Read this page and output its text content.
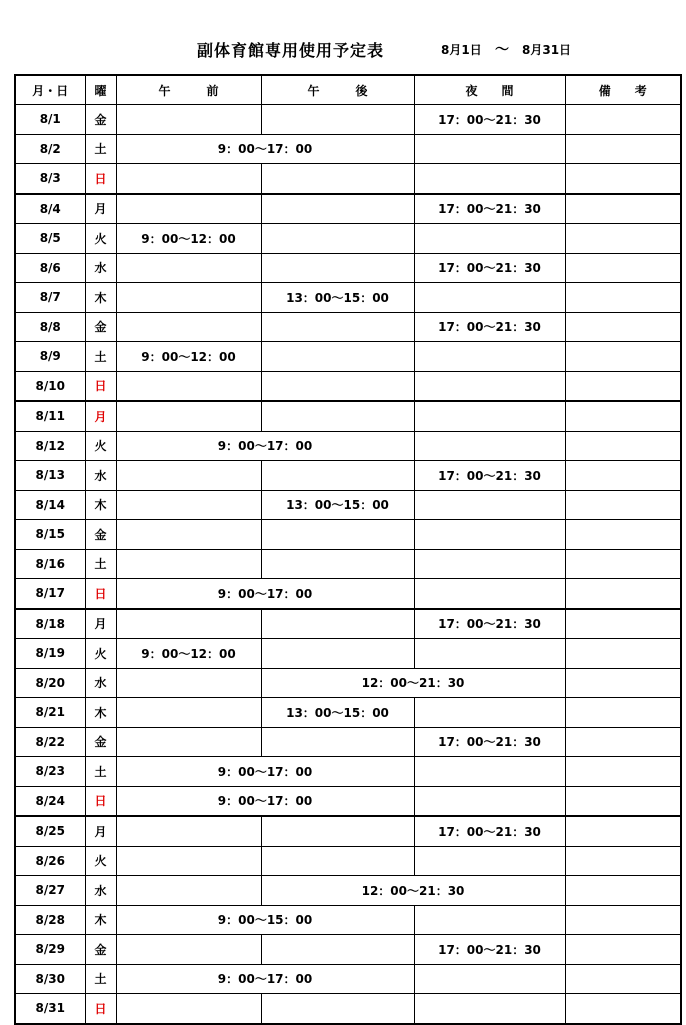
副体育館専用使用予定表	8月1日 ～ 8月31日
月・日	曜	午　　　前	午　　　後	夜　　間	備　　考
8/1	金			17：00～21：30	
8/2	土	9：00～17：00			
8/3	日				
8/4	月			17：00～21：30	
8/5	火	9：00～12：00			
8/6	水			17：00～21：30	
8/7	木		13：00～15：00		
8/8	金			17：00～21：30	
8/9	土	9：00～12：00			
8/10	日				
8/11	月				
8/12	火	9：00～17：00			
8/13	水			17：00～21：30	
8/14	木		13：00～15：00		
8/15	金				
8/16	土				
8/17	日	9：00～17：00			
8/18	月			17：00～21：30	
8/19	火	9：00～12：00			
8/20	水		12：00～21：30		
8/21	木		13：00～15：00		
8/22	金			17：00～21：30	
8/23	土	9：00～17：00			
8/24	日	9：00～17：00			
8/25	月			17：00～21：30	
8/26	火				
8/27	水		12：00～21：30		
8/28	木	9：00～15：00			
8/29	金			17：00～21：30	
8/30	土	9：00～17：00			
8/31	日				
